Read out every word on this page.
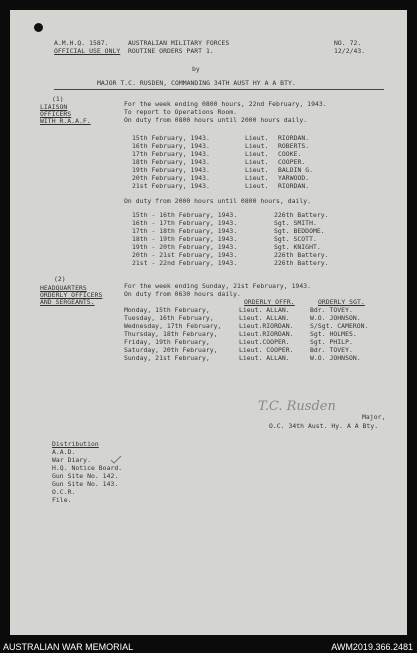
A.M.H.Q. 1587.	AUSTRALIAN MILITARY FORCES	NO. 72.
OFFICIAL USE ONLY ROUTINE ORDERS PART 1.	12/2/43.
by
MAJOR T.C. RUSDEN, COMMANDING 34TH AUST HY A A BTY.
(1)
LIAISON
OFFICERS
WITH R.A.A.F.
For the week ending 0800 hours, 22nd February, 1943.
To report to Operations Room.
On duty from 0800 hours until 2000 hours daily.
15th February, 1943.	Lieut. RIORDAN.
16th February, 1943.	Lieut. ROBERTS.
17th February, 1943.	Lieut. COOKE.
18th February, 1943.	Lieut. COOPER.
19th February, 1943.	Lieut. BALDIN G.
20th February, 1943.	Lieut. YARWOOD.
21st February, 1943.	Lieut. RIORDAN.
On duty from 2000 hours until 0800 hours, daily.
15th - 16th February, 1943.	226th Battery.
16th - 17th February, 1943.	Sgt. SMITH.
17th - 18th February, 1943.	Sgt. BEDDOME.
18th - 19th February, 1943.	Sgt. SCOTT.
19th - 20th February, 1943.	Sgt. KNIGHT.
20th - 21st February, 1943.	226th Battery.
21st - 22nd February, 1943.	226th Battery.
(2)
HEADQUARTERS
ORDERLY OFFICERS
AND SERGEANTS.
For the week ending Sunday, 21st February, 1943.
On duty from 0630 hours daily.
ORDERLY OFFR.	ORDERLY SGT.
Monday, 15th February,	Lieut. ALLAN.	Bdr. TOVEY.
Tuesday, 16th February,	Lieut. ALLAN.	W.O. JOHNSON.
Wednesday, 17th February,	Lieut.RIORDAN.	S/Sgt. CAMERON.
Thursday, 18th February,	Lieut.RIORDAN.	Sgt. HOLMES.
Friday, 19th February,	Lieut.COOPER.	Sgt. PHILP.
Saturday, 20th February,	Lieut. COOPER.	Bdr. TOVEY.
Sunday, 21st February,	Lieut. ALLAN.	W.O. JOHNSON.
T.C. Rusden
Major,
O.C. 34th Aust. Hy. A A Bty.
Distribution
A.A.D.
War Diary.
H.Q. Notice Board.
Gun Site No. 142.
Gun Site No. 143.
O.C.R.
File.
AUSTRALIAN WAR MEMORIAL	AWM2019.366.2481
